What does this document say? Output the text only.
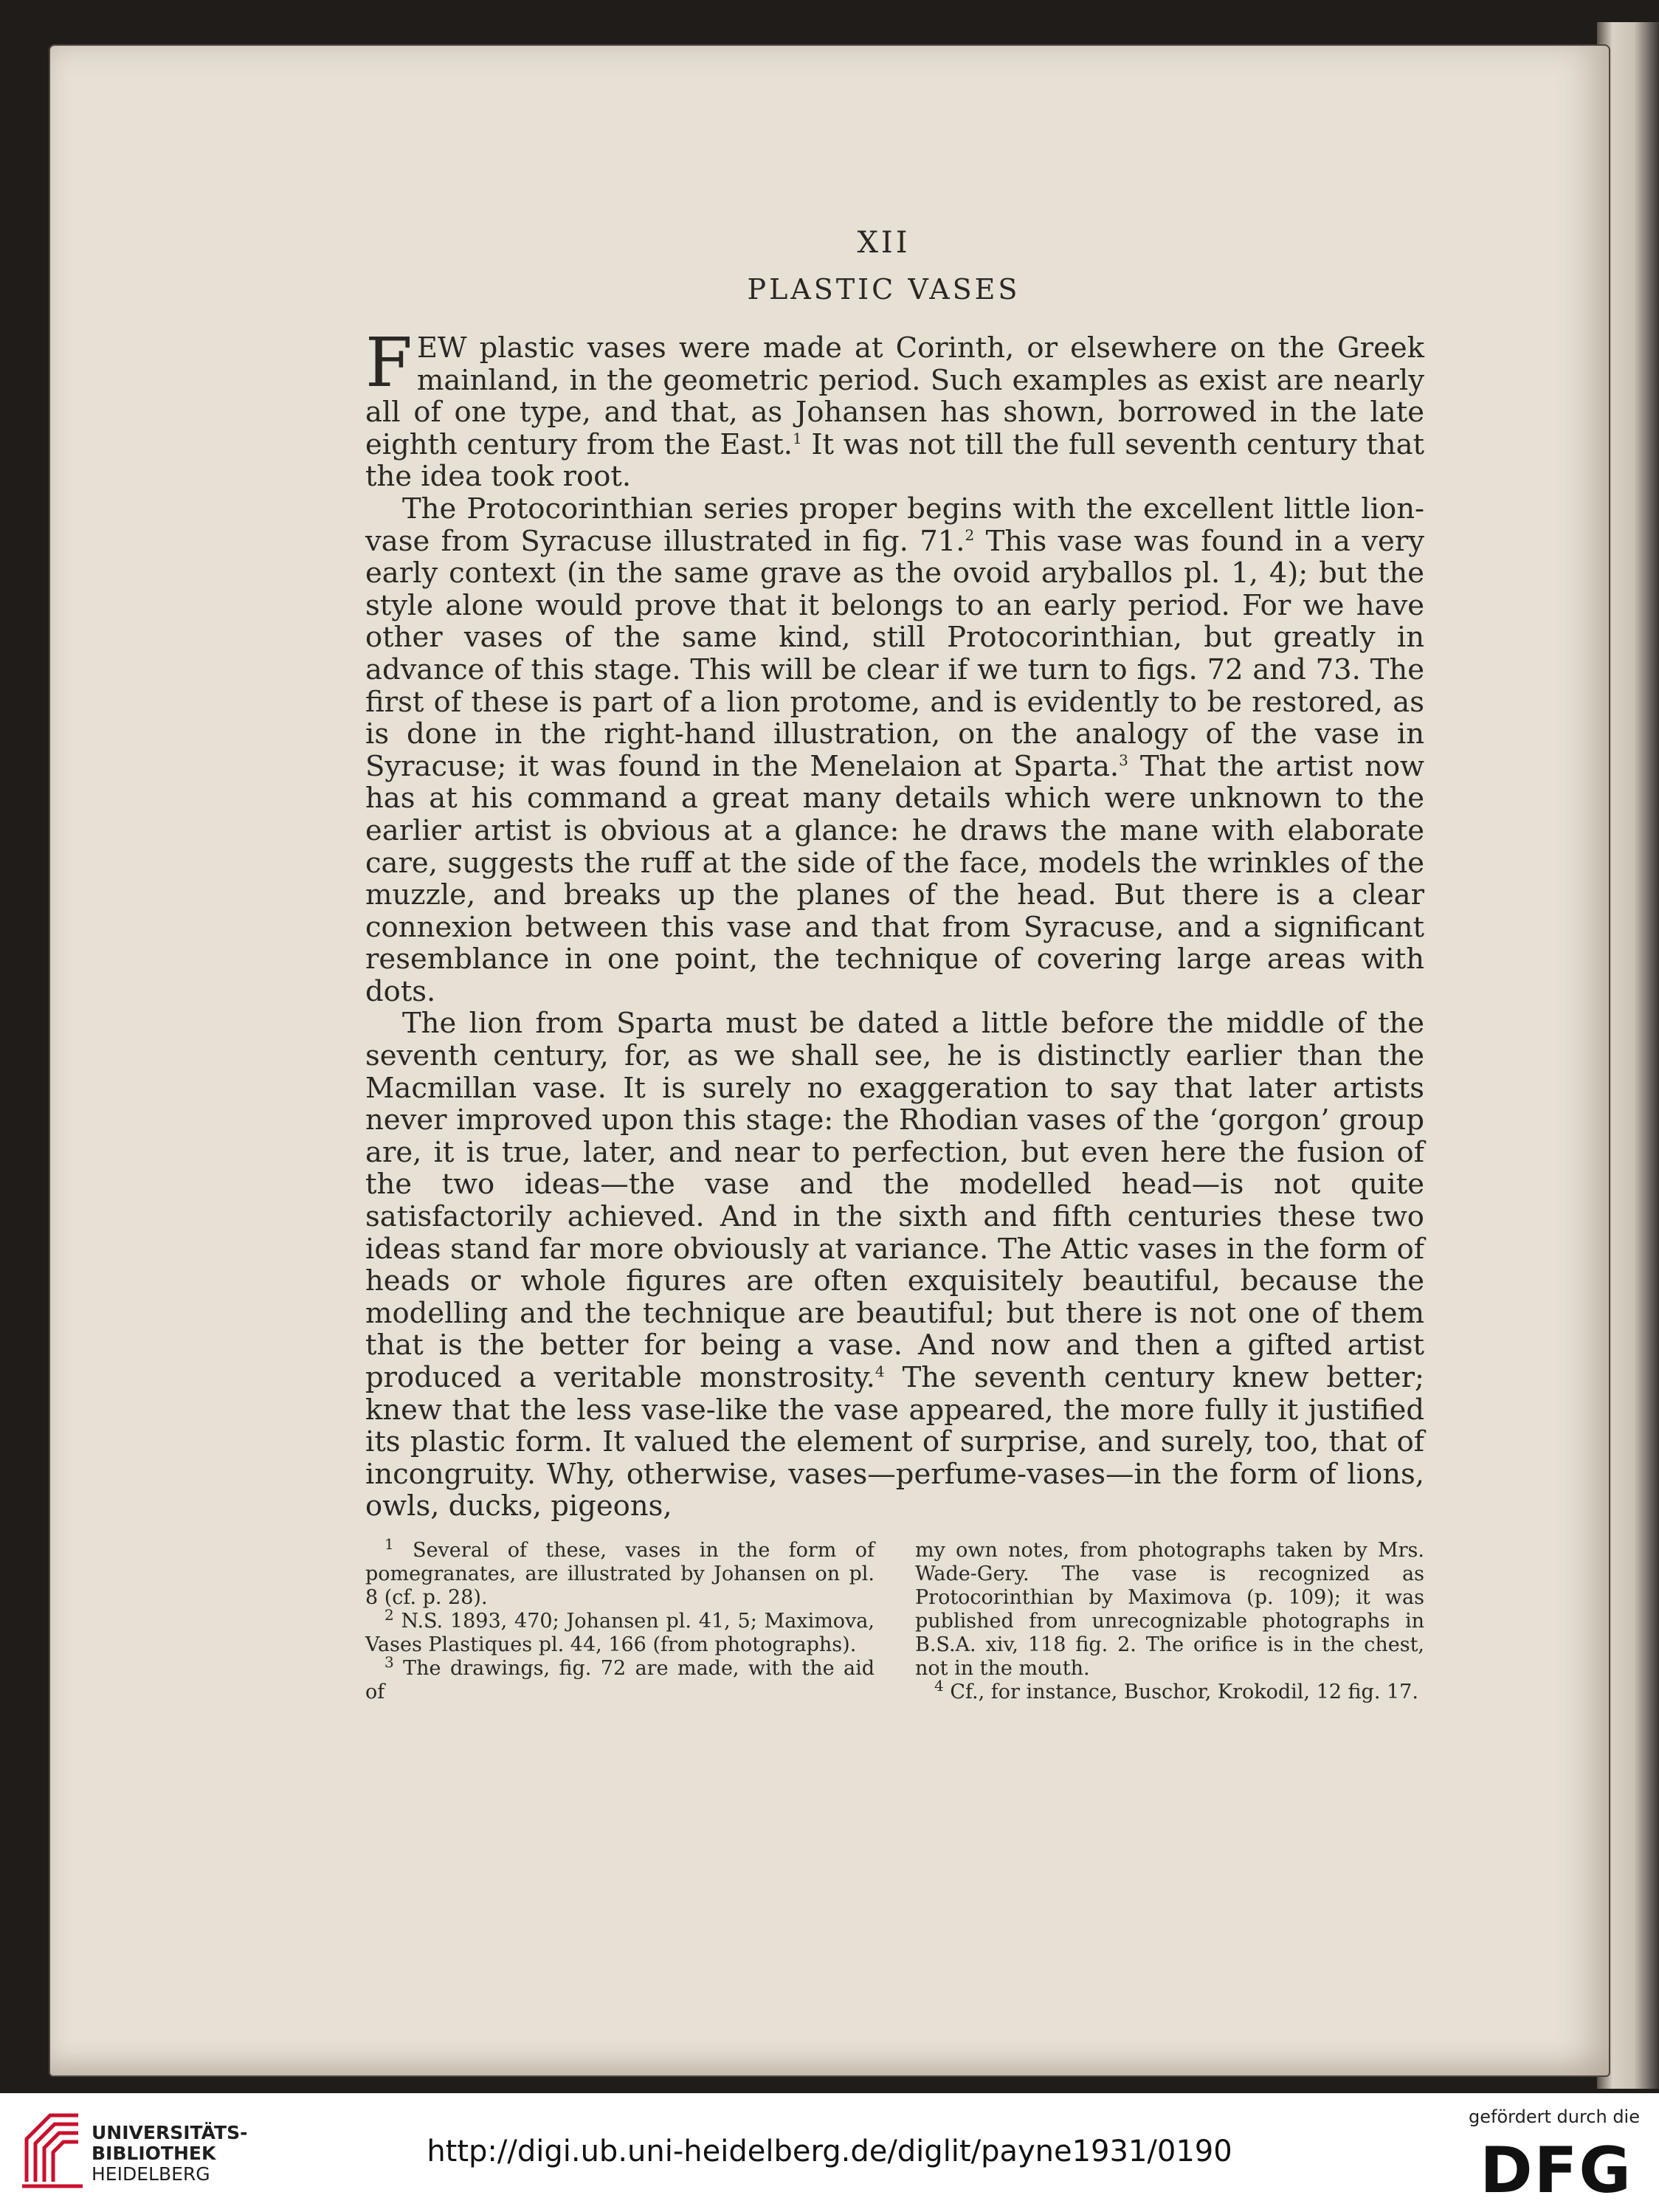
XII
PLASTIC VASES

FEW plastic vases were made at Corinth, or elsewhere on the Greek mainland, in the geometric period. Such examples as exist are nearly all of one type, and that, as Johansen has shown, borrowed in the late eighth century from the East.$^1$ It was not till the full seventh century that the idea took root.

The Protocorinthian series proper begins with the excellent little lion-vase from Syracuse illustrated in fig. 71.$^2$ This vase was found in a very early context (in the same grave as the ovoid aryballos pl. 1, 4); but the style alone would prove that it belongs to an early period. For we have other vases of the same kind, still Protocorinthian, but greatly in advance of this stage. This will be clear if we turn to figs. 72 and 73. The first of these is part of a lion protome, and is evidently to be restored, as is done in the right-hand illustration, on the analogy of the vase in Syracuse; it was found in the Menelaion at Sparta.$^3$ That the artist now has at his command a great many details which were unknown to the earlier artist is obvious at a glance: he draws the mane with elaborate care, suggests the ruff at the side of the face, models the wrinkles of the muzzle, and breaks up the planes of the head. But there is a clear connexion between this vase and that from Syracuse, and a significant resemblance in one point, the technique of covering large areas with dots.

The lion from Sparta must be dated a little before the middle of the seventh century, for, as we shall see, he is distinctly earlier than the Macmillan vase. It is surely no exaggeration to say that later artists never improved upon this stage: the Rhodian vases of the ‘gorgon’ group are, it is true, later, and near to perfection, but even here the fusion of the two ideas—the vase and the modelled head—is not quite satisfactorily achieved. And in the sixth and fifth centuries these two ideas stand far more obviously at variance. The Attic vases in the form of heads or whole figures are often exquisitely beautiful, because the modelling and the technique are beautiful; but there is not one of them that is the better for being a vase. And now and then a gifted artist produced a veritable monstrosity.$^4$ The seventh century knew better; knew that the less vase-like the vase appeared, the more fully it justified its plastic form. It valued the element of surprise, and surely, too, that of incongruity. Why, otherwise, vases—perfume-vases—in the form of lions, owls, ducks, pigeons,

$^1$ Several of these, vases in the form of pomegranates, are illustrated by Johansen on pl. 8 (cf. p. 28).

$^2$ N.S. 1893, 470; Johansen pl. 41, 5; Maximova, Vases Plastiques pl. 44, 166 (from photographs).

$^3$ The drawings, fig. 72 are made, with the aid of

my own notes, from photographs taken by Mrs. Wade-Gery. The vase is recognized as Protocorinthian by Maximova (p. 109); it was published from unrecognizable photographs in B.S.A. xiv, 118 fig. 2. The orifice is in the chest, not in the mouth.

$^4$ Cf., for instance, Buschor, Krokodil, 12 fig. 17.

UNIVERSITÄTS-
BIBLIOTHEK
HEIDELBERG
http://digi.ub.uni-heidelberg.de/diglit/payne1931/0190
gefördert durch die
DFG
